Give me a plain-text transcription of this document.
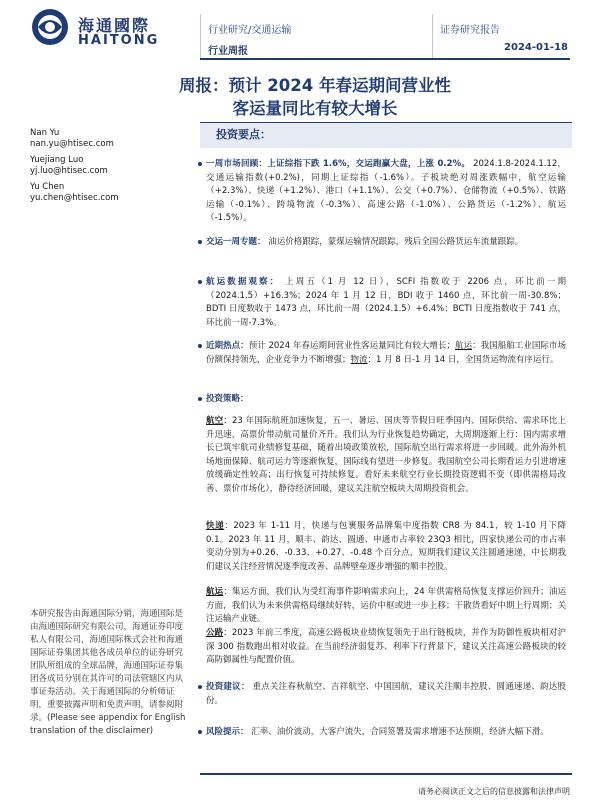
海通國際
HAITONG
行业研究/交通运输
行业周报
证券研究报告
2024-01-18
周报：预计 2024 年春运期间营业性
客运量同比有较大增长
Nan Yu
nan.yu@htisec.com
Yuejiang Luo
yj.luo@htisec.com
Yu Chen
yu.chen@htisec.com
本研究报告由海通国际分销，海通国际是由海通国际研究有限公司，海通证券印度私人有限公司，海通国际株式会社和海通国际证券集团其他各成员单位的证券研究团队所组成的全球品牌，海通国际证券集团各成员分别在其许可的司法管辖区内从事证券活动。关于海通国际的分析师证明，重要披露声明和免责声明，请参阅附录。(Please see appendix for English translation of the disclaimer)
投资要点：
一周市场回顾：上证综指下跌 1.6%，交运跑赢大盘，上涨 0.2%。 2024.1.8-2024.1.12，交通运输指数(+0.2%)，同期上证综指（-1.6%）。子板块绝对周涨跌幅中，航空运输（+2.3%）、快递（+1.2%）、港口（+1.1%）、公交（+0.7%）、仓储物流（+0.5%）、铁路运输（-0.1%）、跨境物流（-0.3%）、高速公路（-1.0%）、公路货运（-1.2%）、航运（-1.5%）。
交运一周专题： 油运价格跟踪，蒙煤运输情况跟踪，残后全国公路货运车流量跟踪。
航运数据观察： 上周五（1 月 12 日），SCFI 指数收于 2206 点，环比前一期（2024.1.5）+16.3%；2024 年 1 月 12 日，BDI 收于 1460 点，环比前一周-30.8%；BDTI 日度数收于 1473 点，环比前一周（2024.1.5）+6.4%；BCTI 日度指数收于 741 点，环比前一周-7.3%。
近期热点：预计 2024 年春运期间营业性客运量同比有较大增长；航运：我国船舶工业国际市场份额保持领先，企业竞争力不断增强；物流：1 月 8 日-1 月 14 日，全国货运物流有序运行。
投资策略：
航空：23 年国际航班加速恢复，五一、暑运、国庆等节假日旺季国内、国际供给、需求环比上升迅速，高票价带动航司量价齐升。我们认为行业恢复趋势确定，大周期逐渐上行：国内需求增长已筑牢航司业绩修复基础，随着出境政策放松，国际航空出行需求将进一步回暖。此外海外机场地面保障、航司运力等逐渐恢复，国际线有望进一步修复。我国航空公司长期看运力引进增速放缓确定性较高；出行恢复可持续修复。看好未来航空行业长期投资逻辑不变（即供需格局改善、票价市场化），静待经济回暖，建议关注航空板块大周期投资机会。
快递：2023 年 1-11 月，快递与包裹服务品牌集中度指数 CR8 为 84.1，较 1-10 月下降 0.1。2023 年 11 月，顺丰、韵达、圆通、申通市占率较 23Q3 相比，四家快递公司的市占率变动分别为+0.26、-0.33、+0.27、-0.48 个百分点，短期我们建议关注圆通速递，中长期我们建议关注经营情况逐季度改善、品牌壁垒逐步增强的顺丰控股。
航运：集运方面，我们认为受红海事件影响需求向上，24 年供需格局恢复支撑运价回升；油运方面，我们认为未来供需格局继续好转，运价中枢或进一步上移；干散货看好中期上行周期；关注运输产业链。
公路：2023 年前三季度，高速公路板块业绩恢复领先于出行链板块，并作为防御性板块相对沪深 300 指数跑出相对收益。在当前经济弱复苏、利率下行背景下，建议关注高速公路板块的较高防御属性与配置价值。
投资建议： 重点关注春秋航空、吉祥航空、中国国航，建议关注顺丰控股、圆通速递、韵达股份。
风险提示： 汇率、油价波动，大客户流失，合同签署及需求增速不达预期，经济大幅下滑。
请务必阅读正文之后的信息披露和法律声明
